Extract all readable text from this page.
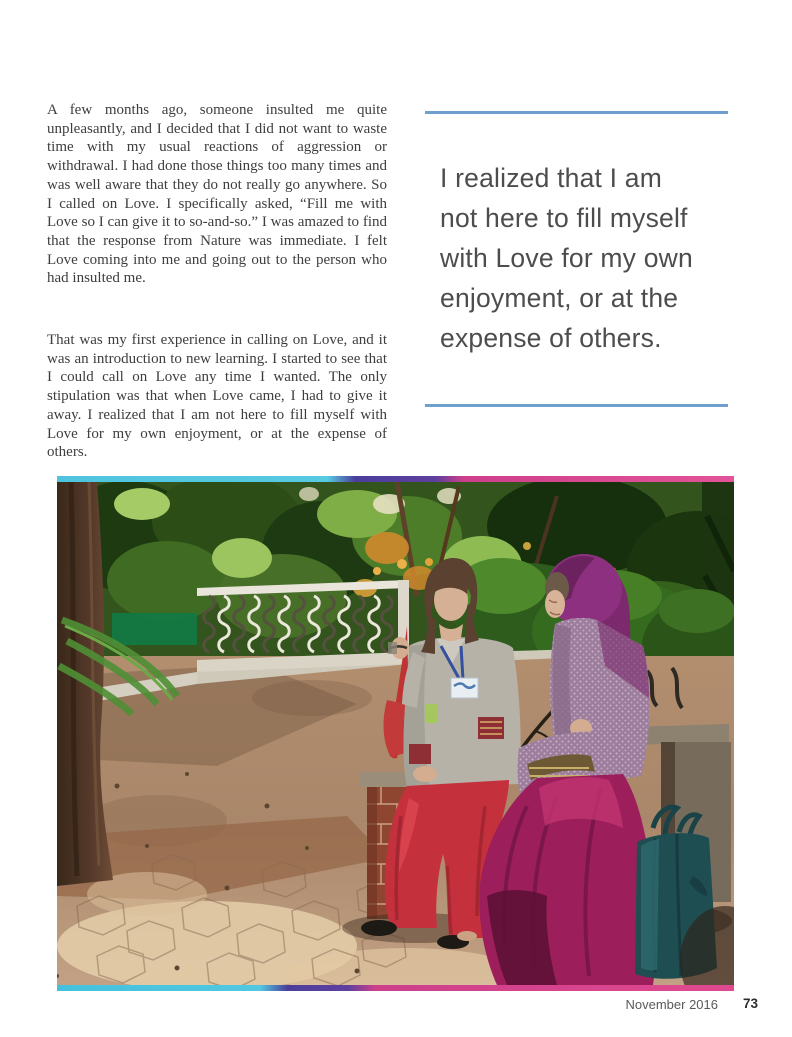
A few months ago, someone insulted me quite unpleasantly, and I decided that I did not want to waste time with my usual reactions of aggression or withdrawal. I had done those things too many times and was well aware that they do not really go anywhere. So I called on Love. I specifically asked, “Fill me with Love so I can give it to so-and-so.” I was amazed to find that the response from Nature was immediate. I felt Love coming into me and going out to the person who had insulted me.

That was my first experience in calling on Love, and it was an introduction to new learning. I started to see that I could call on Love any time I wanted. The only stipulation was that when Love came, I had to give it away. I realized that I am not here to fill myself with Love for my own enjoyment, or at the expense of others.

I realized that I am
not here to fill myself
with Love for my own
enjoyment, or at the
expense of others.
November 2016 73
